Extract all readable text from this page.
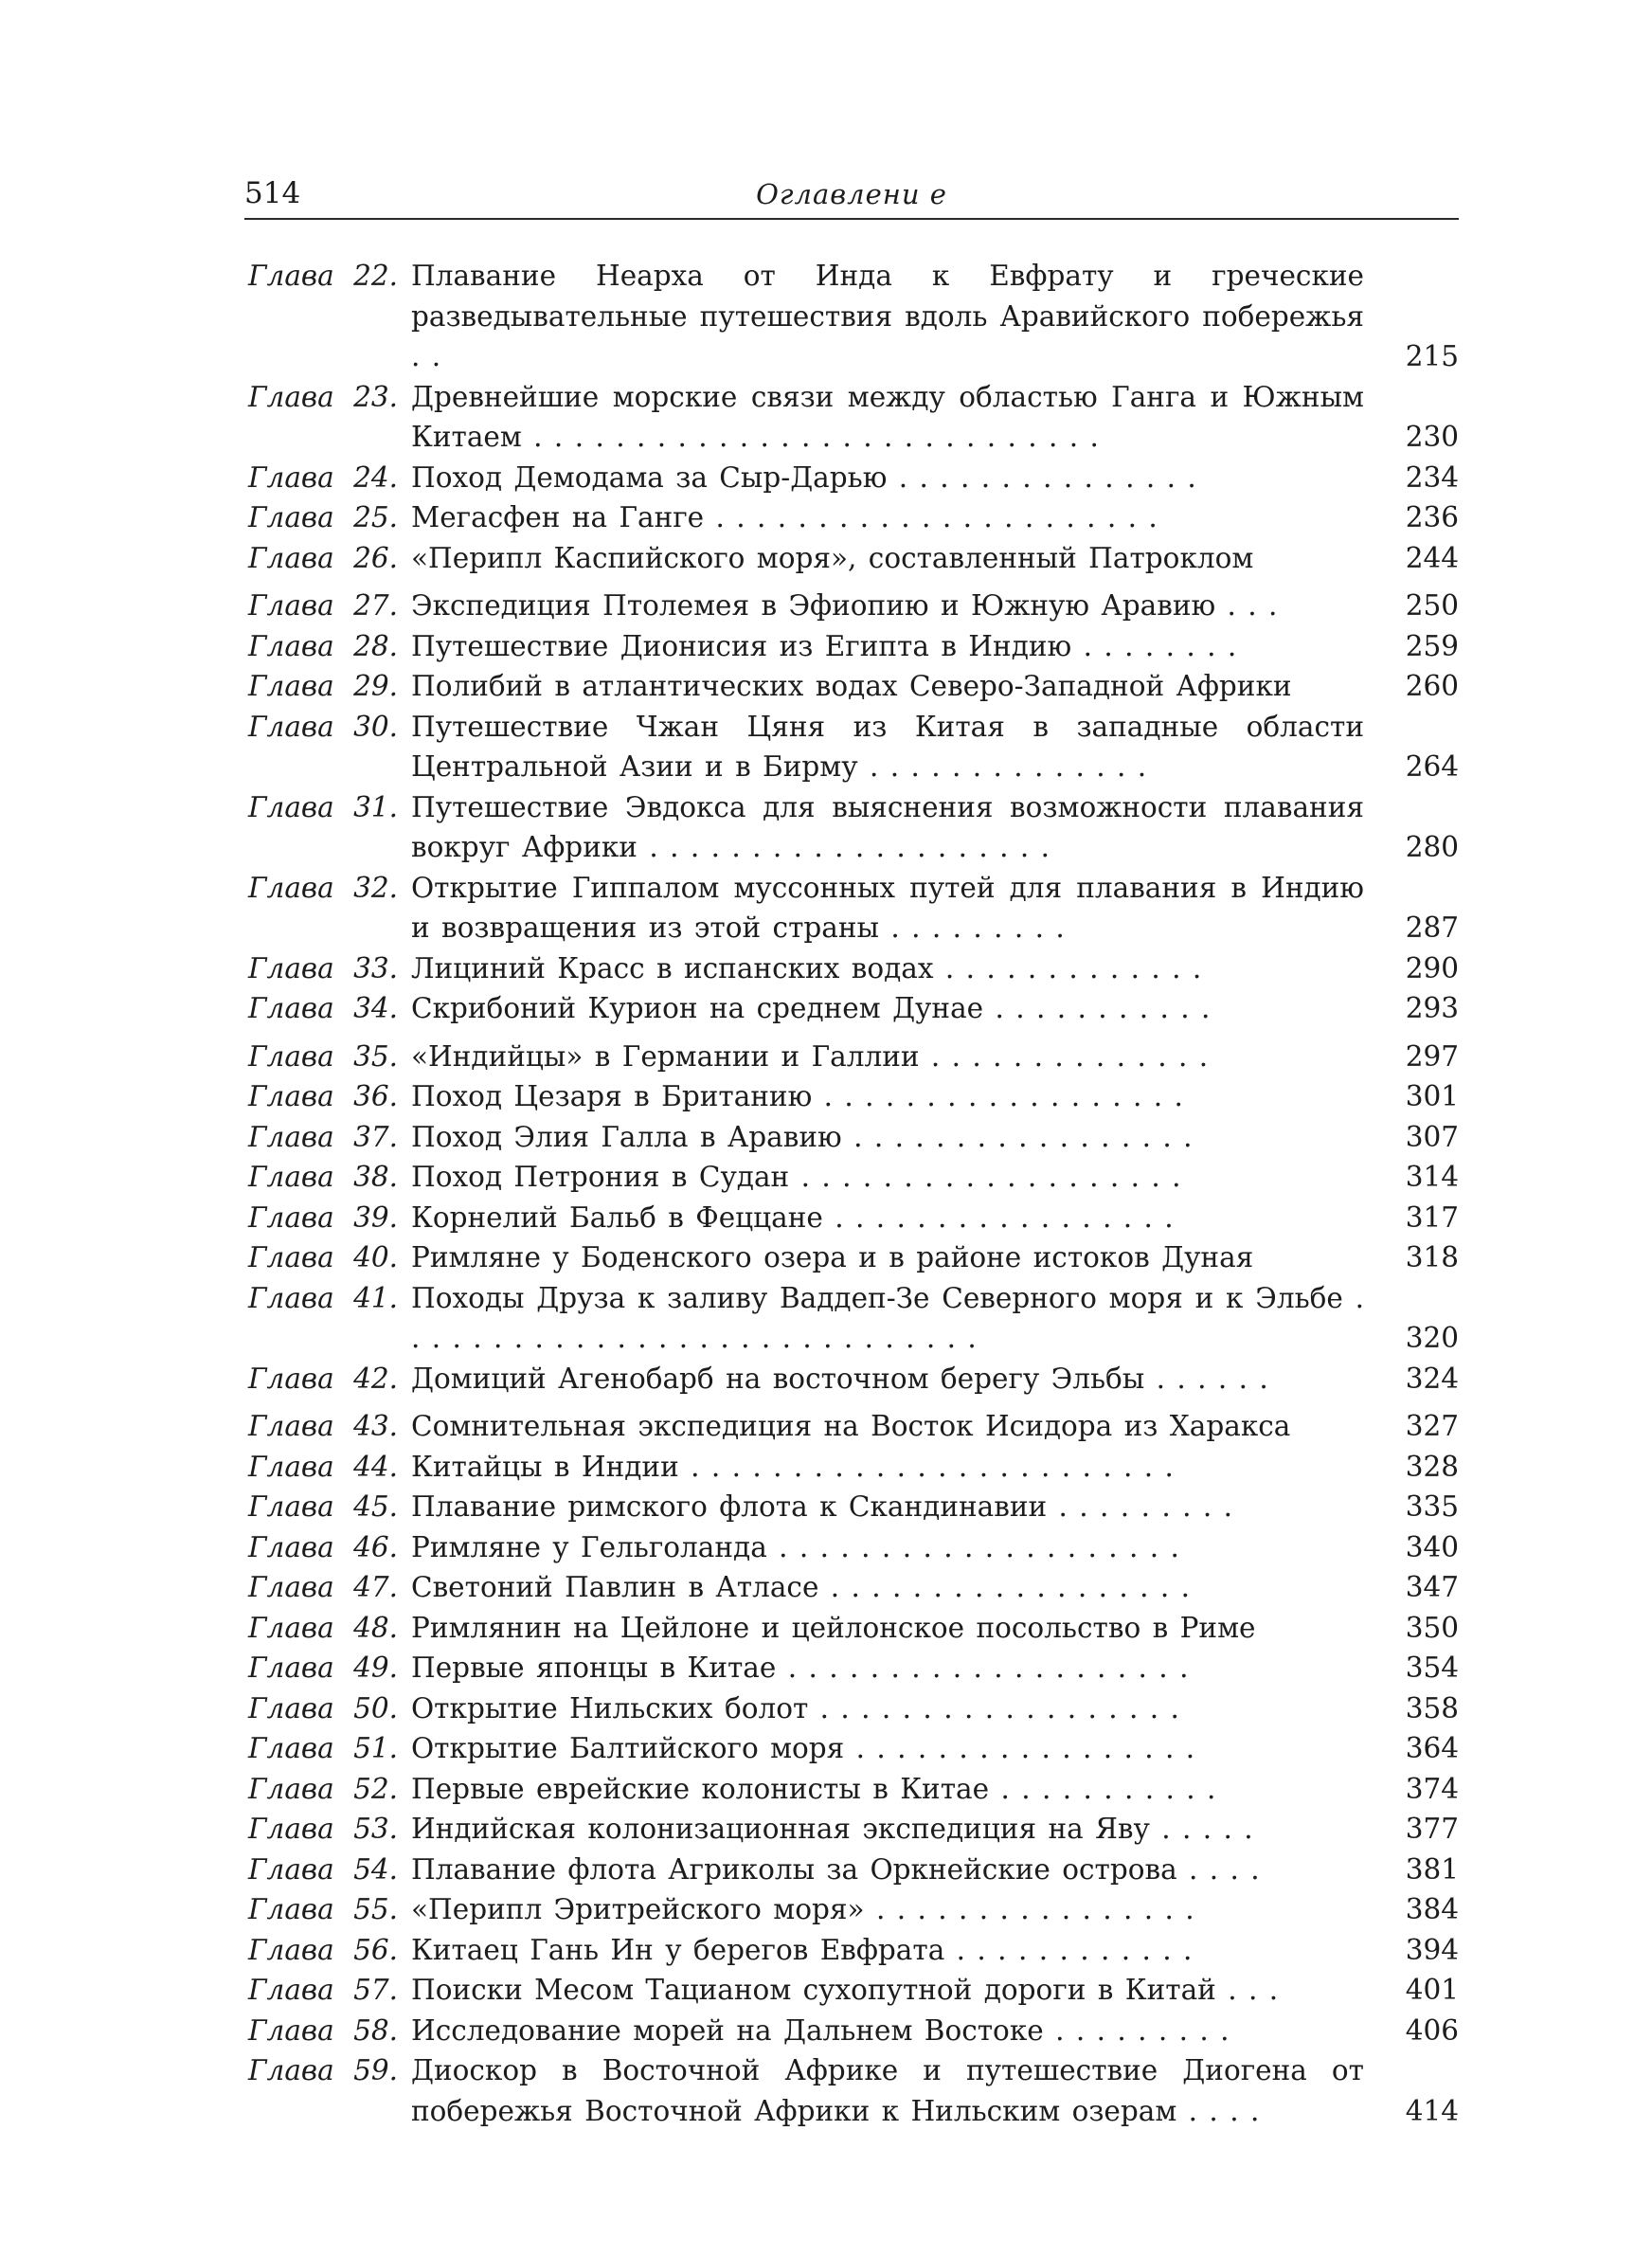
514	Оглавлени е
Глава 22. Плавание Неарха от Инда к Евфрату и греческие разведывательные путешествия вдоль Аравийского побережья . .	215
Глава 23. Древнейшие морские связи между областью Ганга и Южным Китаем . . . . . . . . . . . . . . . . . . . . . . . . . . . .	230
Глава 24. Поход Демодама за Сыр-Дарью . . . . . . . . . . . . . . .	234
Глава 25. Мегасфен на Ганге . . . . . . . . . . . . . . . . . . . . . .	236
Глава 26. «Перипл Каспийского моря», составленный Патроклом	244
Глава 27. Экспедиция Птолемея в Эфиопию и Южную Аравию . . .	250
Глава 28. Путешествие Дионисия из Египта в Индию . . . . . . . .	259
Глава 29. Полибий в атлантических водах Северо-Западной Африки	260
Глава 30. Путешествие Чжан Цяня из Китая в западные области Центральной Азии и в Бирму . . . . . . . . . . . . . .	264
Глава 31. Путешествие Эвдокса для выяснения возможности плавания вокруг Африки . . . . . . . . . . . . . . . . . . . .	280
Глава 32. Открытие Гиппалом муссонных путей для плавания в Индию и возвращения из этой страны . . . . . . . . .	287
Глава 33. Лициний Красс в испанских водах . . . . . . . . . . . . .	290
Глава 34. Скрибоний Курион на среднем Дунае . . . . . . . . . . .	293
Глава 35. «Индийцы» в Германии и Галлии . . . . . . . . . . . . . .	297
Глава 36. Поход Цезаря в Британию . . . . . . . . . . . . . . . . . .	301
Глава 37. Поход Элия Галла в Аравию . . . . . . . . . . . . . . . . .	307
Глава 38. Поход Петрония в Судан . . . . . . . . . . . . . . . . . . .	314
Глава 39. Корнелий Бальб в Феццане . . . . . . . . . . . . . . . . .	317
Глава 40. Римляне у Боденского озера и в районе истоков Дуная	318
Глава 41. Походы Друза к заливу Ваддеп-Зе Северного моря и к Эльбе . . . . . . . . . . . . . . . . . . . . . . . . . . . . .	320
Глава 42. Домиций Агенобарб на восточном берегу Эльбы . . . . . .	324
Глава 43. Сомнительная экспедиция на Восток Исидора из Харакса	327
Глава 44. Китайцы в Индии . . . . . . . . . . . . . . . . . . . . . . . .	328
Глава 45. Плавание римского флота к Скандинавии . . . . . . . . .	335
Глава 46. Римляне у Гельголанда . . . . . . . . . . . . . . . . . . . .	340
Глава 47. Светоний Павлин в Атласе . . . . . . . . . . . . . . . . . .	347
Глава 48. Римлянин на Цейлоне и цейлонское посольство в Риме	350
Глава 49. Первые японцы в Китае . . . . . . . . . . . . . . . . . . . .	354
Глава 50. Открытие Нильских болот . . . . . . . . . . . . . . . . . .	358
Глава 51. Открытие Балтийского моря . . . . . . . . . . . . . . . . .	364
Глава 52. Первые еврейские колонисты в Китае . . . . . . . . . . .	374
Глава 53. Индийская колонизационная экспедиция на Яву . . . . .	377
Глава 54. Плавание флота Агриколы за Оркнейские острова . . . .	381
Глава 55. «Перипл Эритрейского моря» . . . . . . . . . . . . . . . .	384
Глава 56. Китаец Гань Ин у берегов Евфрата . . . . . . . . . . . .	394
Глава 57. Поиски Месом Тацианом сухопутной дороги в Китай . . .	401
Глава 58. Исследование морей на Дальнем Востоке . . . . . . . . .	406
Глава 59. Диоскор в Восточной Африке и путешествие Диогена от побережья Восточной Африки к Нильским озерам . . . .	414
